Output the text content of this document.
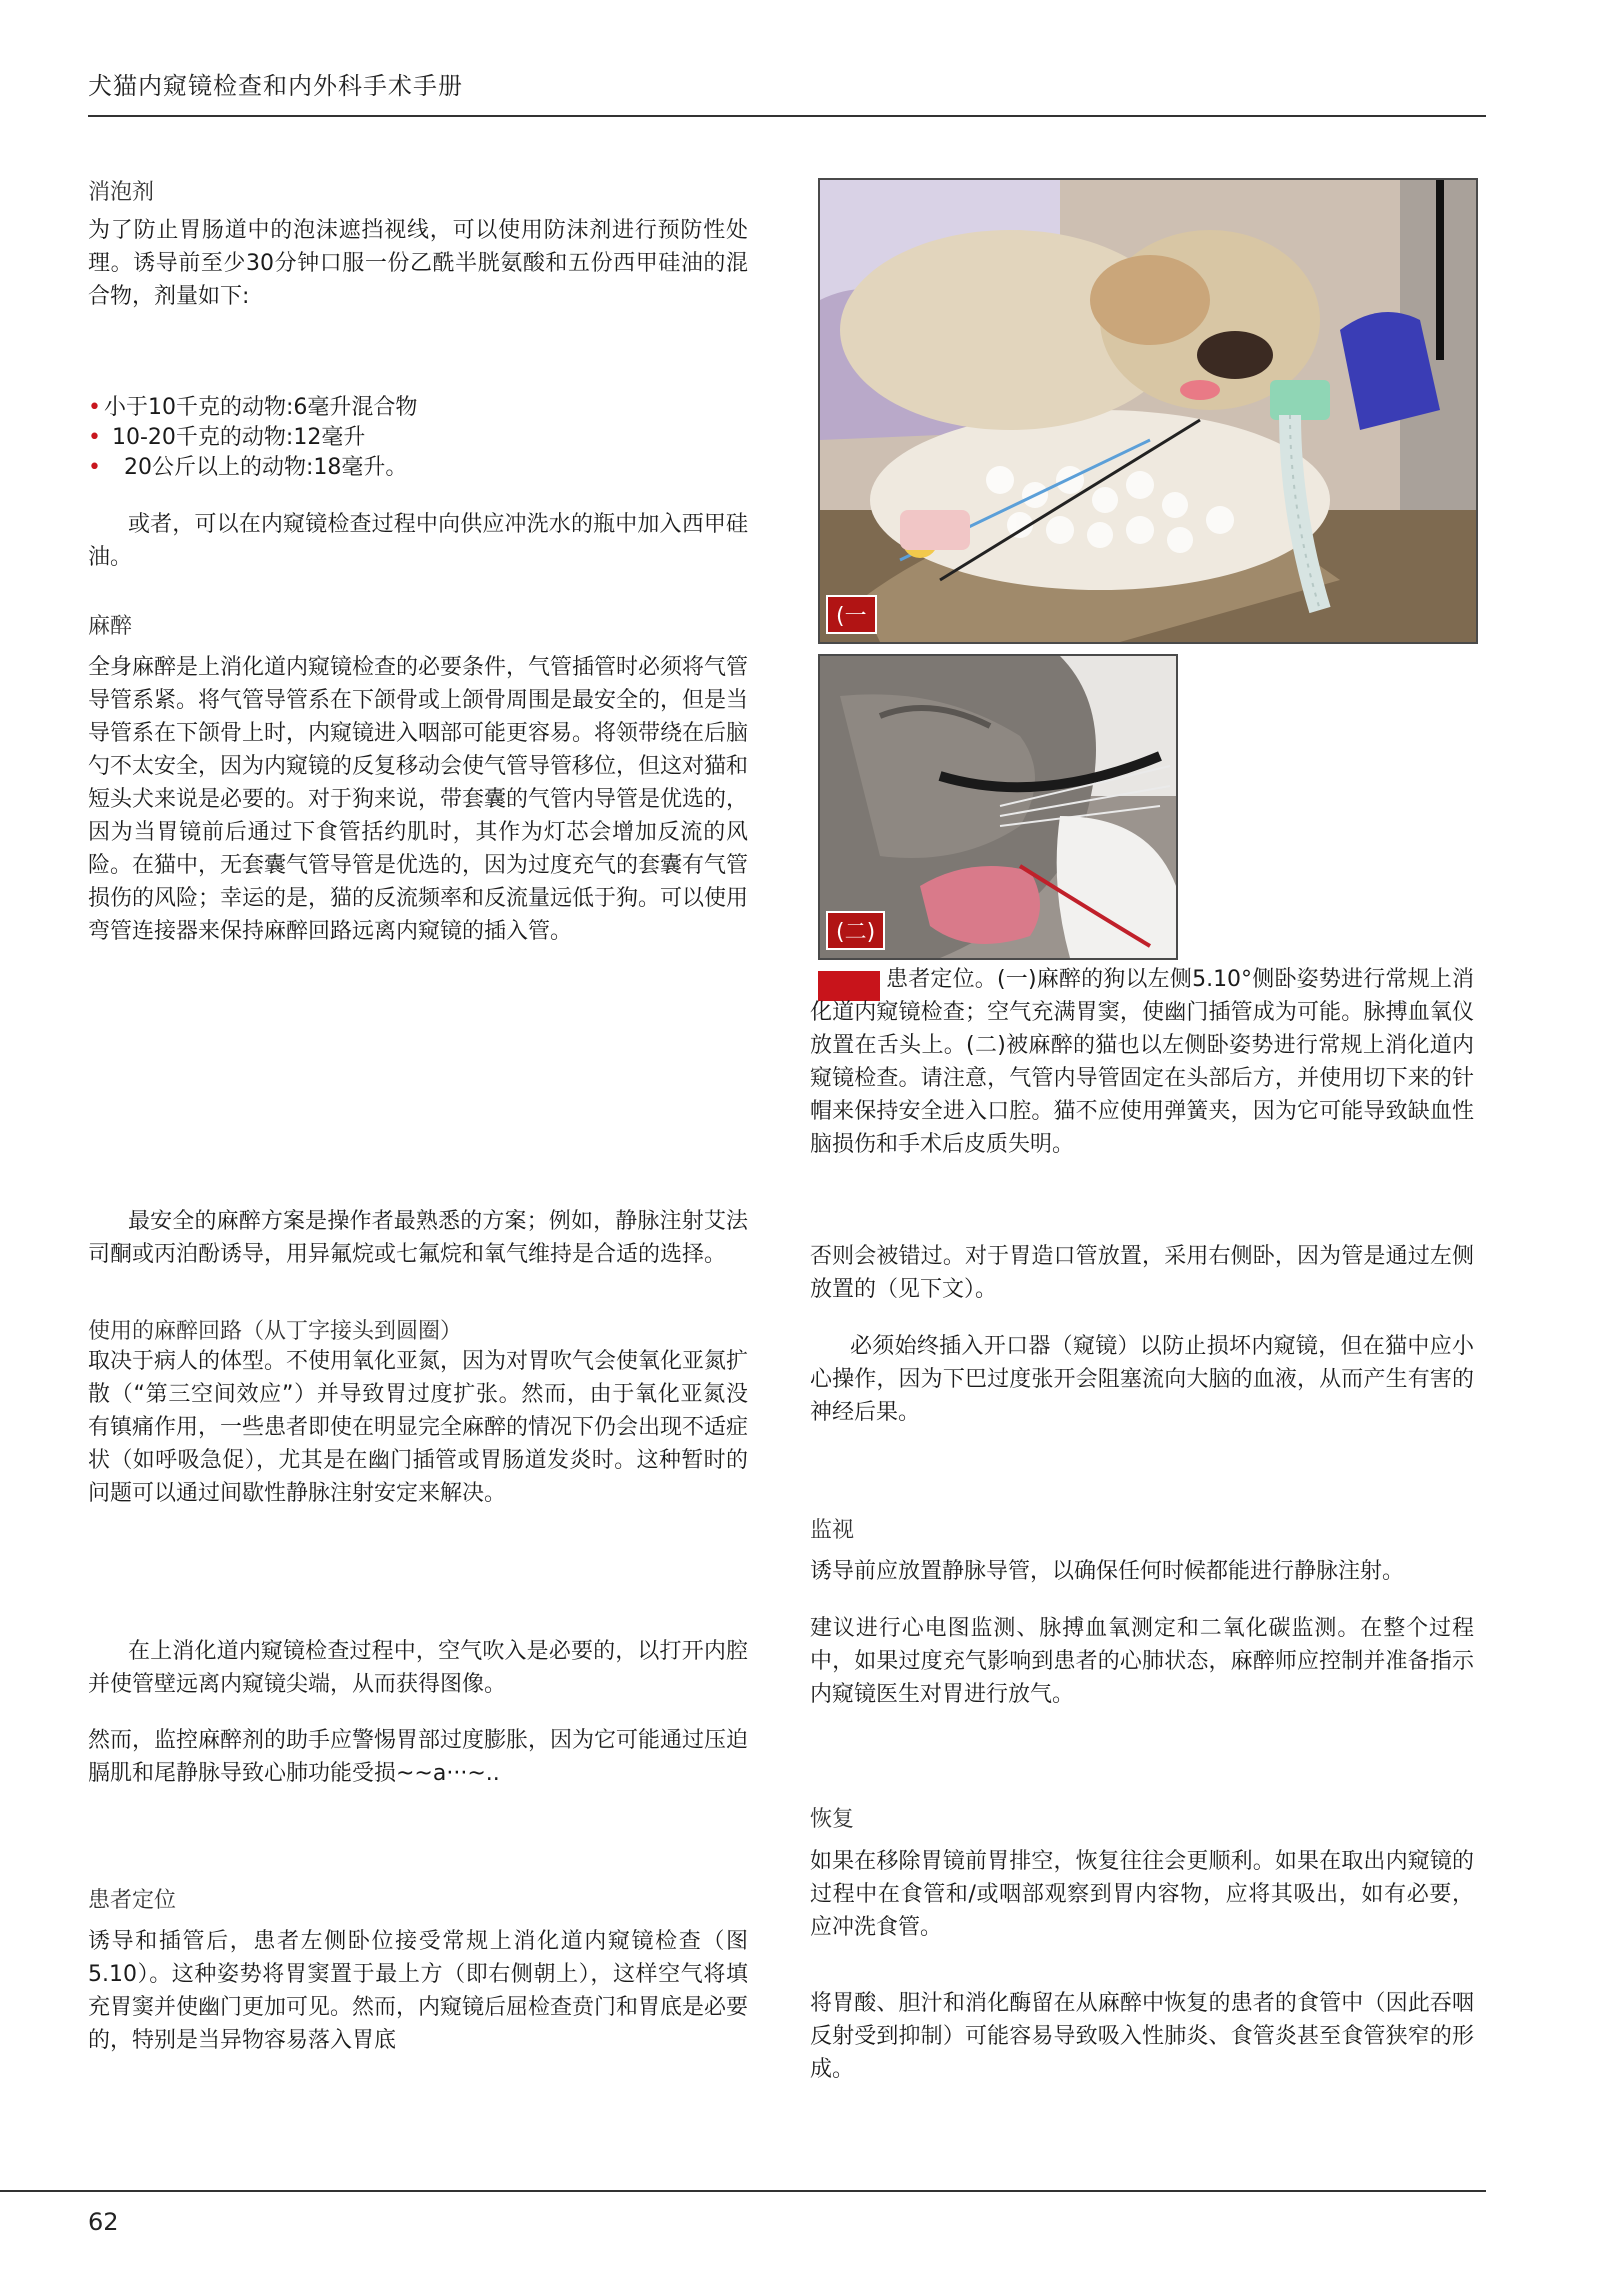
犬猫内窥镜检查和内外科手术手册
消泡剂
为了防止胃肠道中的泡沫遮挡视线，可以使用防沫剂进行预防性处理。诱导前至少30分钟口服一份乙酰半胱氨酸和五份西甲硅油的混合物，剂量如下:
• 小于10千克的动物:6毫升混合物
• 10-20千克的动物:12毫升
• 20公斤以上的动物:18毫升。
或者，可以在内窥镜检查过程中向供应冲洗水的瓶中加入西甲硅油。
麻醉
全身麻醉是上消化道内窥镜检查的必要条件，气管插管时必须将气管导管系紧。将气管导管系在下颌骨或上颌骨周围是最安全的，但是当导管系在下颌骨上时，内窥镜进入咽部可能更容易。将领带绕在后脑勺不太安全，因为内窥镜的反复移动会使气管导管移位，但这对猫和短头犬来说是必要的。对于狗来说，带套囊的气管内导管是优选的，因为当胃镜前后通过下食管括约肌时，其作为灯芯会增加反流的风险。在猫中，无套囊气管导管是优选的，因为过度充气的套囊有气管损伤的风险；幸运的是，猫的反流频率和反流量远低于狗。可以使用弯管连接器来保持麻醉回路远离内窥镜的插入管。
最安全的麻醉方案是操作者最熟悉的方案；例如，静脉注射艾法司酮或丙泊酚诱导，用异氟烷或七氟烷和氧气维持是合适的选择。
使用的麻醉回路（从丁字接头到圆圈）
取决于病人的体型。不使用氧化亚氮，因为对胃吹气会使氧化亚氮扩散（“第三空间效应”）并导致胃过度扩张。然而，由于氧化亚氮没有镇痛作用，一些患者即使在明显完全麻醉的情况下仍会出现不适症状（如呼吸急促），尤其是在幽门插管或胃肠道发炎时。这种暂时的问题可以通过间歇性静脉注射安定来解决。
在上消化道内窥镜检查过程中，空气吹入是必要的，以打开内腔并使管壁远离内窥镜尖端，从而获得图像。
然而，监控麻醉剂的助手应警惕胃部过度膨胀，因为它可能通过压迫膈肌和尾静脉导致心肺功能受损~~a···~..
患者定位
诱导和插管后，患者左侧卧位接受常规上消化道内窥镜检查（图5.10）。这种姿势将胃窦置于最上方（即右侧朝上），这样空气将填充胃窦并使幽门更加可见。然而，内窥镜后屈检查贲门和胃底是必要的，特别是当异物容易落入胃底
(一
(二)
患者定位。(一)麻醉的狗以左侧5.10°侧卧姿势进行常规上消化道内窥镜检查；空气充满胃窦，使幽门插管成为可能。脉搏血氧仪放置在舌头上。(二)被麻醉的猫也以左侧卧姿势进行常规上消化道内窥镜检查。请注意，气管内导管固定在头部后方，并使用切下来的针帽来保持安全进入口腔。猫不应使用弹簧夹，因为它可能导致缺血性脑损伤和手术后皮质失明。
否则会被错过。对于胃造口管放置，采用右侧卧，因为管是通过左侧放置的（见下文）。
必须始终插入开口器（窥镜）以防止损坏内窥镜，但在猫中应小心操作，因为下巴过度张开会阻塞流向大脑的血液，从而产生有害的神经后果。
监视
诱导前应放置静脉导管，以确保任何时候都能进行静脉注射。
建议进行心电图监测、脉搏血氧测定和二氧化碳监测。在整个过程中，如果过度充气影响到患者的心肺状态，麻醉师应控制并准备指示内窥镜医生对胃进行放气。
恢复
如果在移除胃镜前胃排空，恢复往往会更顺利。如果在取出内窥镜的过程中在食管和/或咽部观察到胃内容物，应将其吸出，如有必要，应冲洗食管。
将胃酸、胆汁和消化酶留在从麻醉中恢复的患者的食管中（因此吞咽反射受到抑制）可能容易导致吸入性肺炎、食管炎甚至食管狭窄的形成。
62
